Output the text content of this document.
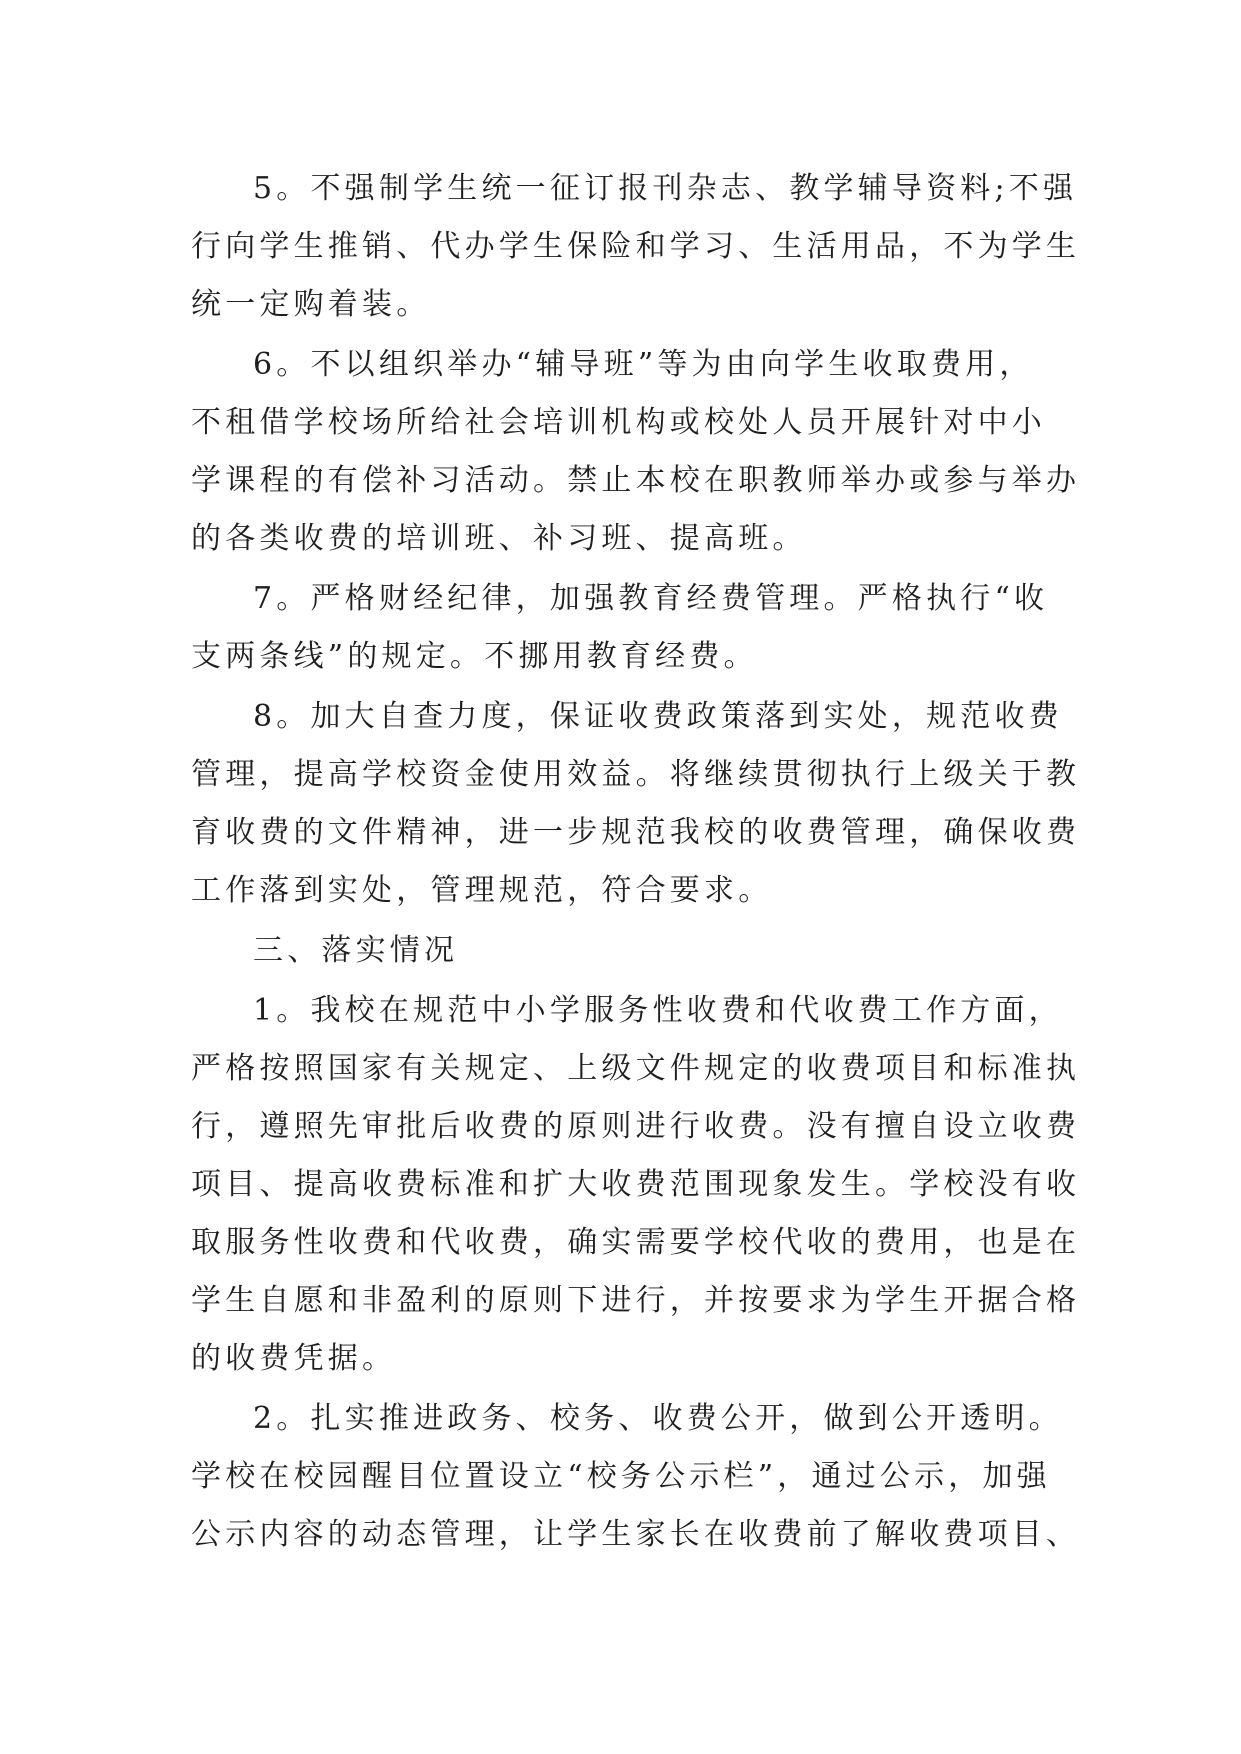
5。不强制学生统一征订报刊杂志、教学辅导资料;不强
行向学生推销、代办学生保险和学习、生活用品，不为学生
统一定购着装。
6。不以组织举办“辅导班”等为由向学生收取费用，
不租借学校场所给社会培训机构或校处人员开展针对中小
学课程的有偿补习活动。禁止本校在职教师举办或参与举办
的各类收费的培训班、补习班、提高班。
7。严格财经纪律，加强教育经费管理。严格执行“收
支两条线”的规定。不挪用教育经费。
8。加大自查力度，保证收费政策落到实处，规范收费
管理，提高学校资金使用效益。将继续贯彻执行上级关于教
育收费的文件精神，进一步规范我校的收费管理，确保收费
工作落到实处，管理规范，符合要求。
三、落实情况
1。我校在规范中小学服务性收费和代收费工作方面，
严格按照国家有关规定、上级文件规定的收费项目和标准执
行，遵照先审批后收费的原则进行收费。没有擅自设立收费
项目、提高收费标准和扩大收费范围现象发生。学校没有收
取服务性收费和代收费，确实需要学校代收的费用，也是在
学生自愿和非盈利的原则下进行，并按要求为学生开据合格
的收费凭据。
2。扎实推进政务、校务、收费公开，做到公开透明。
学校在校园醒目位置设立“校务公示栏”，通过公示，加强
公示内容的动态管理，让学生家长在收费前了解收费项目、
